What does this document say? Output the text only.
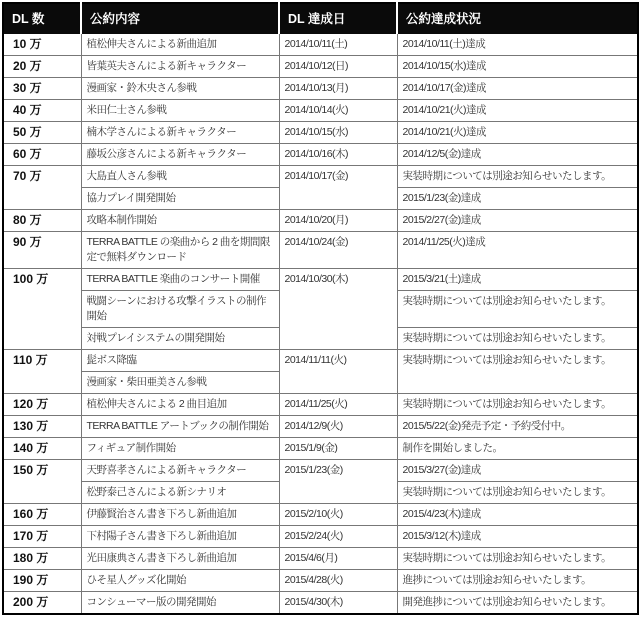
DL 数	公約内容	DL 達成日	公約達成状況
10 万	植松伸夫さんによる新曲追加	2014/10/11(土)	2014/10/11(土)達成
20 万	皆葉英夫さんによる新キャラクター	2014/10/12(日)	2014/10/15(水)達成
30 万	漫画家・鈴木央さん参戦	2014/10/13(月)	2014/10/17(金)達成
40 万	米田仁士さん参戦	2014/10/14(火)	2014/10/21(火)達成
50 万	楠木学さんによる新キャラクター	2014/10/15(水)	2014/10/21(火)達成
60 万	藤坂公彦さんによる新キャラクター	2014/10/16(木)	2014/12/5(金)達成
70 万	大島直人さん参戦	2014/10/17(金)	実装時期については別途お知らせいたします。
	協力プレイ開発開始		2015/1/23(金)達成
80 万	攻略本制作開始	2014/10/20(月)	2015/2/27(金)達成
90 万	TERRA BATTLE の楽曲から 2 曲を期間限定で無料ダウンロード	2014/10/24(金)	2014/11/25(火)達成
100 万	TERRA BATTLE 楽曲のコンサート開催	2014/10/30(木)	2015/3/21(土)達成
	戦闘シーンにおける攻撃イラストの制作開始		実装時期については別途お知らせいたします。
	対戦プレイシステムの開発開始		実装時期については別途お知らせいたします。
110 万	髭ボス降臨	2014/11/11(火)	実装時期については別途お知らせいたします。
	漫画家・柴田亜美さん参戦		
120 万	植松伸夫さんによる 2 曲目追加	2014/11/25(火)	実装時期については別途お知らせいたします。
130 万	TERRA BATTLE アートブックの制作開始	2014/12/9(火)	2015/5/22(金)発売予定・予約受付中。
140 万	フィギュア制作開始	2015/1/9(金)	制作を開始しました。
150 万	天野喜孝さんによる新キャラクター	2015/1/23(金)	2015/3/27(金)達成
	松野泰己さんによる新シナリオ		実装時期については別途お知らせいたします。
160 万	伊藤賢治さん書き下ろし新曲追加	2015/2/10(火)	2015/4/23(木)達成
170 万	下村陽子さん書き下ろし新曲追加	2015/2/24(火)	2015/3/12(木)達成
180 万	光田康典さん書き下ろし新曲追加	2015/4/6(月)	実装時期については別途お知らせいたします。
190 万	ひそ星人グッズ化開始	2015/4/28(火)	進捗については別途お知らせいたします。
200 万	コンシューマー版の開発開始	2015/4/30(木)	開発進捗については別途お知らせいたします。
